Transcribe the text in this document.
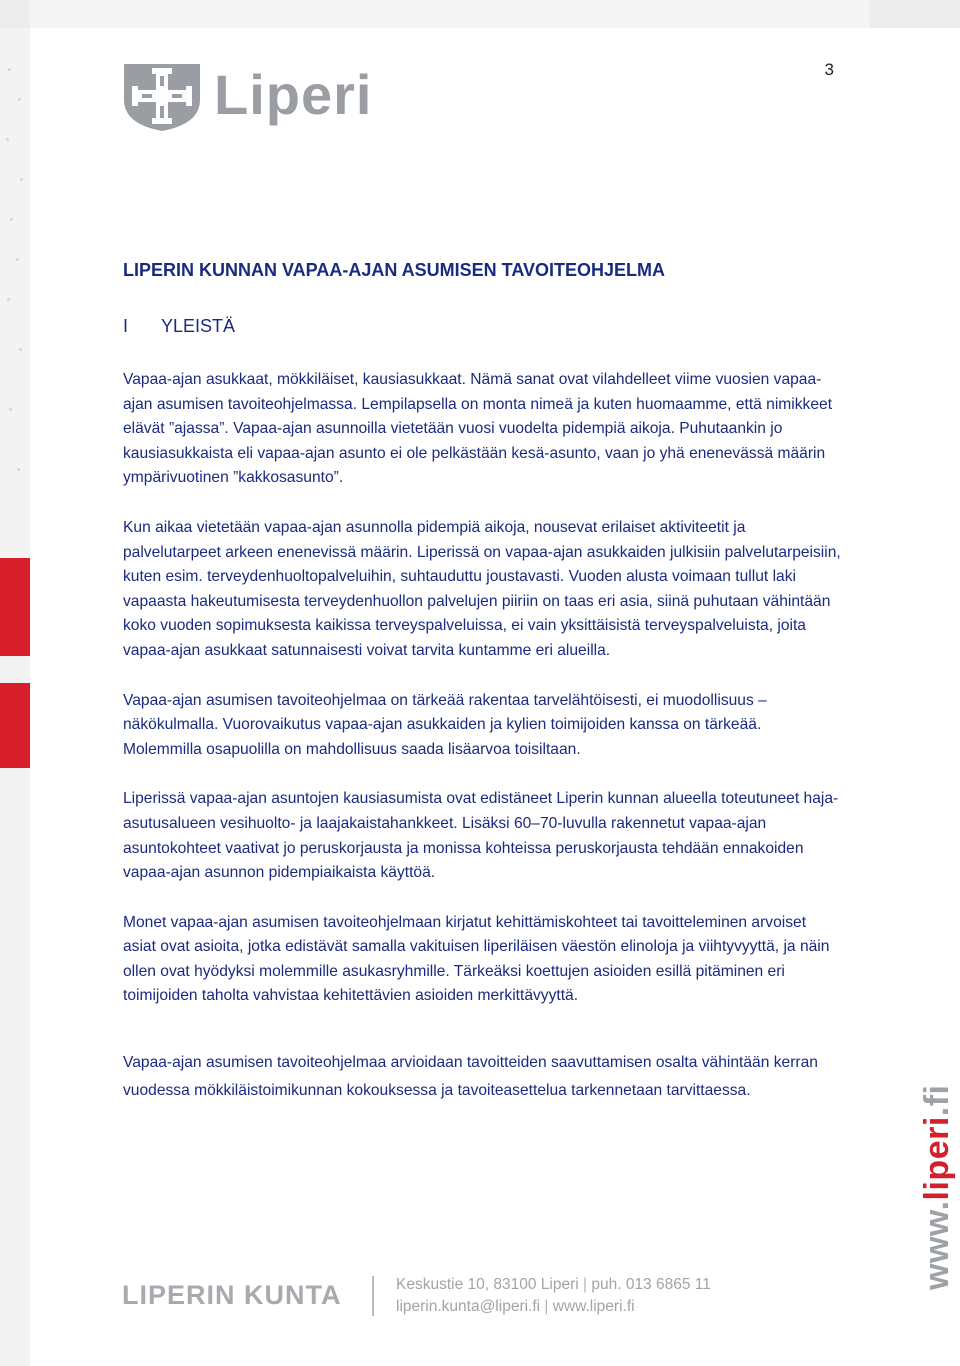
3
Liperi
LIPERIN KUNNAN VAPAA-AJAN ASUMISEN TAVOITEOHJELMA
I YLEISTÄ

Vapaa-ajan asukkaat, mökkiläiset, kausiasukkaat. Nämä sanat ovat vilahdelleet viime vuosien vapaa-ajan asumisen tavoiteohjelmassa. Lempilapsella on monta nimeä ja kuten huomaamme, että nimikkeet elävät ”ajassa”. Vapaa-ajan asunnoilla vietetään vuosi vuodelta pidempiä aikoja. Puhutaankin jo kausiasukkaista eli vapaa-ajan asunto ei ole pelkästään kesä-asunto, vaan jo yhä enenevässä määrin ympärivuotinen ”kakkosasunto”.

Kun aikaa vietetään vapaa-ajan asunnolla pidempiä aikoja, nousevat erilaiset aktiviteetit ja palvelutarpeet arkeen enenevissä määrin. Liperissä on vapaa-ajan asukkaiden julkisiin palvelutarpeisiin, kuten esim. terveydenhuoltopalveluihin, suhtauduttu joustavasti. Vuoden alusta voimaan tullut laki vapaasta hakeutumisesta terveydenhuollon palvelujen piiriin on taas eri asia, siinä puhutaan vähintään koko vuoden sopimuksesta kaikissa terveyspalveluissa, ei vain yksittäisistä terveyspalveluista, joita vapaa-ajan asukkaat satunnaisesti voivat tarvita kuntamme eri alueilla.

Vapaa-ajan asumisen tavoiteohjelmaa on tärkeää rakentaa tarvelähtöisesti, ei muodollisuus – näkökulmalla. Vuorovaikutus vapaa-ajan asukkaiden ja kylien toimijoiden kanssa on tärkeää. Molemmilla osapuolilla on mahdollisuus saada lisäarvoa toisiltaan.

Liperissä vapaa-ajan asuntojen kausiasumista ovat edistäneet Liperin kunnan alueella toteutuneet haja-asutusalueen vesihuolto- ja laajakaistahankkeet. Lisäksi 60–70-luvulla rakennetut vapaa-ajan asuntokohteet vaativat jo peruskorjausta ja monissa kohteissa peruskorjausta tehdään ennakoiden vapaa-ajan asunnon pidempiaikaista käyttöä.

Monet vapaa-ajan asumisen tavoiteohjelmaan kirjatut kehittämiskohteet tai tavoitteleminen arvoiset asiat ovat asioita, jotka edistävät samalla vakituisen liperiläisen väestön elinoloja ja viihtyvyyttä, ja näin ollen ovat hyödyksi molemmille asukasryhmille. Tärkeäksi koettujen asioiden esillä pitäminen eri toimijoiden taholta vahvistaa kehitettävien asioiden merkittävyyttä.

Vapaa-ajan asumisen tavoiteohjelmaa arvioidaan tavoitteiden saavuttamisen osalta vähintään kerran vuodessa mökkiläistoimikunnan kokouksessa ja tavoiteasettelua tarkennetaan tarvittaessa.

LIPERIN KUNTA	Keskustie 10, 83100 Liperi | puh. 013 6865 11
liperin.kunta@liperi.fi | www.liperi.fi
www.liperi.fi
